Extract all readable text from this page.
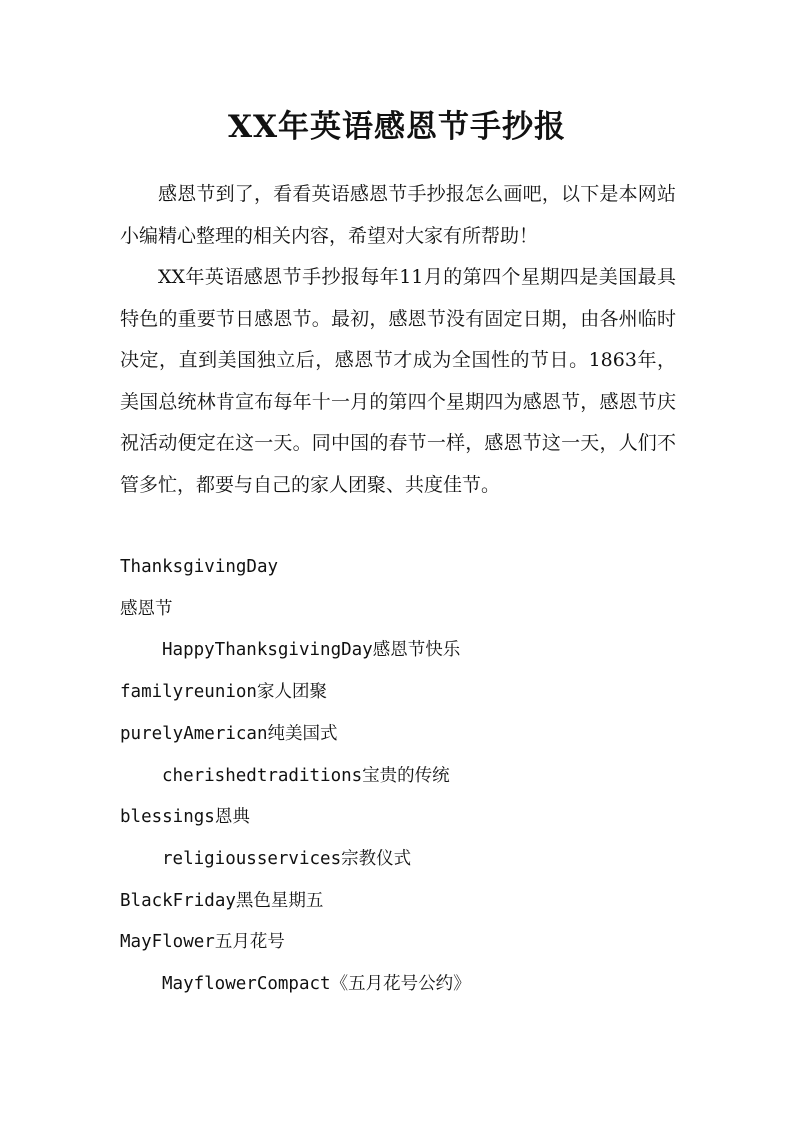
XX年英语感恩节手抄报

感恩节到了，看看英语感恩节手抄报怎么画吧，以下是本网站小编精心整理的相关内容，希望对大家有所帮助！

XX年英语感恩节手抄报每年11月的第四个星期四是美国最具特色的重要节日感恩节。最初，感恩节没有固定日期，由各州临时决定，直到美国独立后，感恩节才成为全国性的节日。1863年，美国总统林肯宣布每年十一月的第四个星期四为感恩节，感恩节庆祝活动便定在这一天。同中国的春节一样，感恩节这一天，人们不管多忙，都要与自己的家人团聚、共度佳节。

ThanksgivingDay
感恩节
HappyThanksgivingDay感恩节快乐
familyreunion家人团聚
purelyAmerican纯美国式
cherishedtraditions宝贵的传统
blessings恩典
religiousservices宗教仪式
BlackFriday黑色星期五
MayFlower五月花号
MayflowerCompact《五月花号公约》
